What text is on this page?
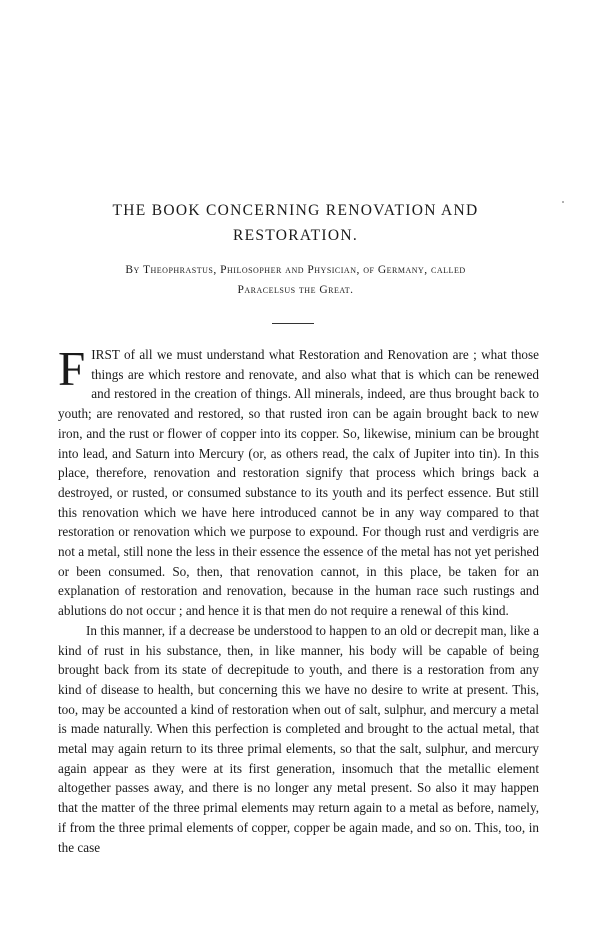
THE BOOK CONCERNING RENOVATION AND
RESTORATION.
By Theophrastus, Philosopher and Physician, of Germany, called
Paracelsus the Great.

FIRST of all we must understand what Restoration and Renovation are ; what those things are which restore and renovate, and also what that is which can be renewed and restored in the creation of things. All minerals, indeed, are thus brought back to youth; are renovated and restored, so that rusted iron can be again brought back to new iron, and the rust or flower of copper into its copper. So, likewise, minium can be brought into lead, and Saturn into Mercury (or, as others read, the calx of Jupiter into tin). In this place, therefore, renovation and restoration signify that process which brings back a destroyed, or rusted, or consumed substance to its youth and its perfect essence. But still this renovation which we have here introduced cannot be in any way compared to that restoration or renovation which we purpose to expound. For though rust and verdigris are not a metal, still none the less in their essence the essence of the metal has not yet perished or been consumed. So, then, that renovation cannot, in this place, be taken for an explanation of restoration and renovation, because in the human race such rustings and ablutions do not occur ; and hence it is that men do not require a renewal of this kind.

In this manner, if a decrease be understood to happen to an old or decrepit man, like a kind of rust in his substance, then, in like manner, his body will be capable of being brought back from its state of decrepitude to youth, and there is a restoration from any kind of disease to health, but concerning this we have no desire to write at present. This, too, may be accounted a kind of restoration when out of salt, sulphur, and mercury a metal is made naturally. When this perfection is completed and brought to the actual metal, that metal may again return to its three primal elements, so that the salt, sulphur, and mercury again appear as they were at its first generation, insomuch that the metallic element altogether passes away, and there is no longer any metal present. So also it may happen that the matter of the three primal elements may return again to a metal as before, namely, if from the three primal elements of copper, copper be again made, and so on. This, too, in the case
